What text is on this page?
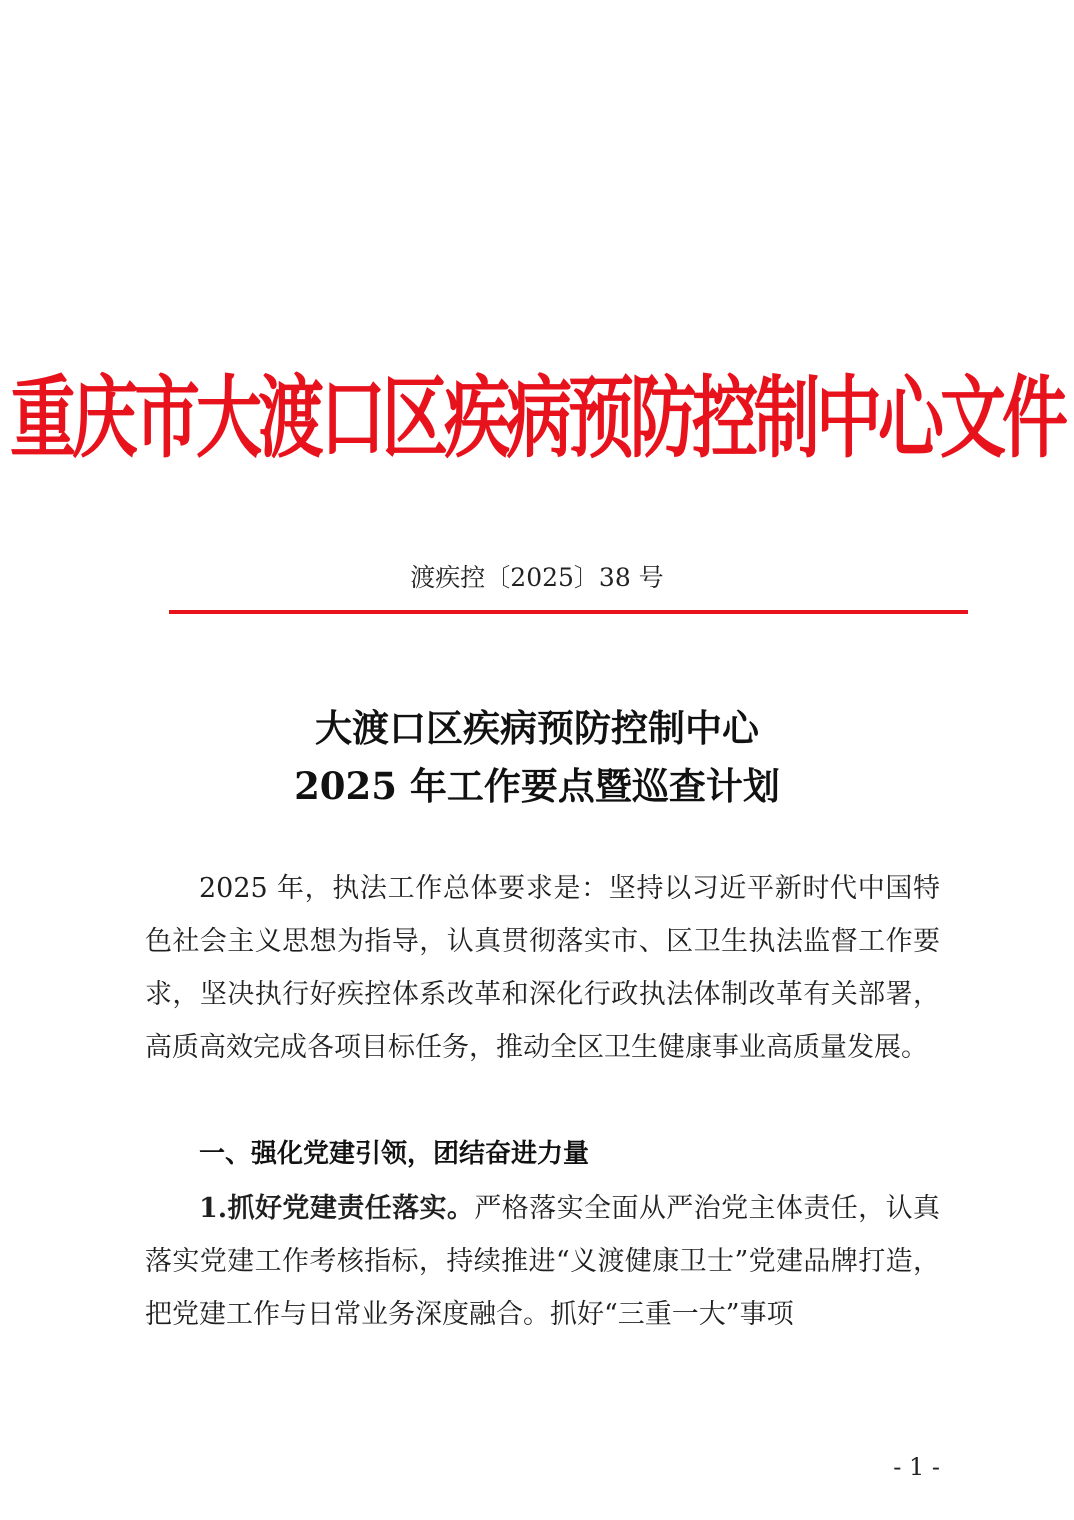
重庆市大渡口区疾病预防控制中心文件
渡疾控〔2025〕38 号
大渡口区疾病预防控制中心
2025 年工作要点暨巡查计划

2025 年，执法工作总体要求是：坚持以习近平新时代中国特色社会主义思想为指导，认真贯彻落实市、区卫生执法监督工作要求，坚决执行好疾控体系改革和深化行政执法体制改革有关部署，高质高效完成各项目标任务，推动全区卫生健康事业高质量发展。

一、强化党建引领，团结奋进力量

1.抓好党建责任落实。严格落实全面从严治党主体责任，认真落实党建工作考核指标，持续推进“义渡健康卫士”党建品牌打造，把党建工作与日常业务深度融合。抓好“三重一大”事项

- 1 -
